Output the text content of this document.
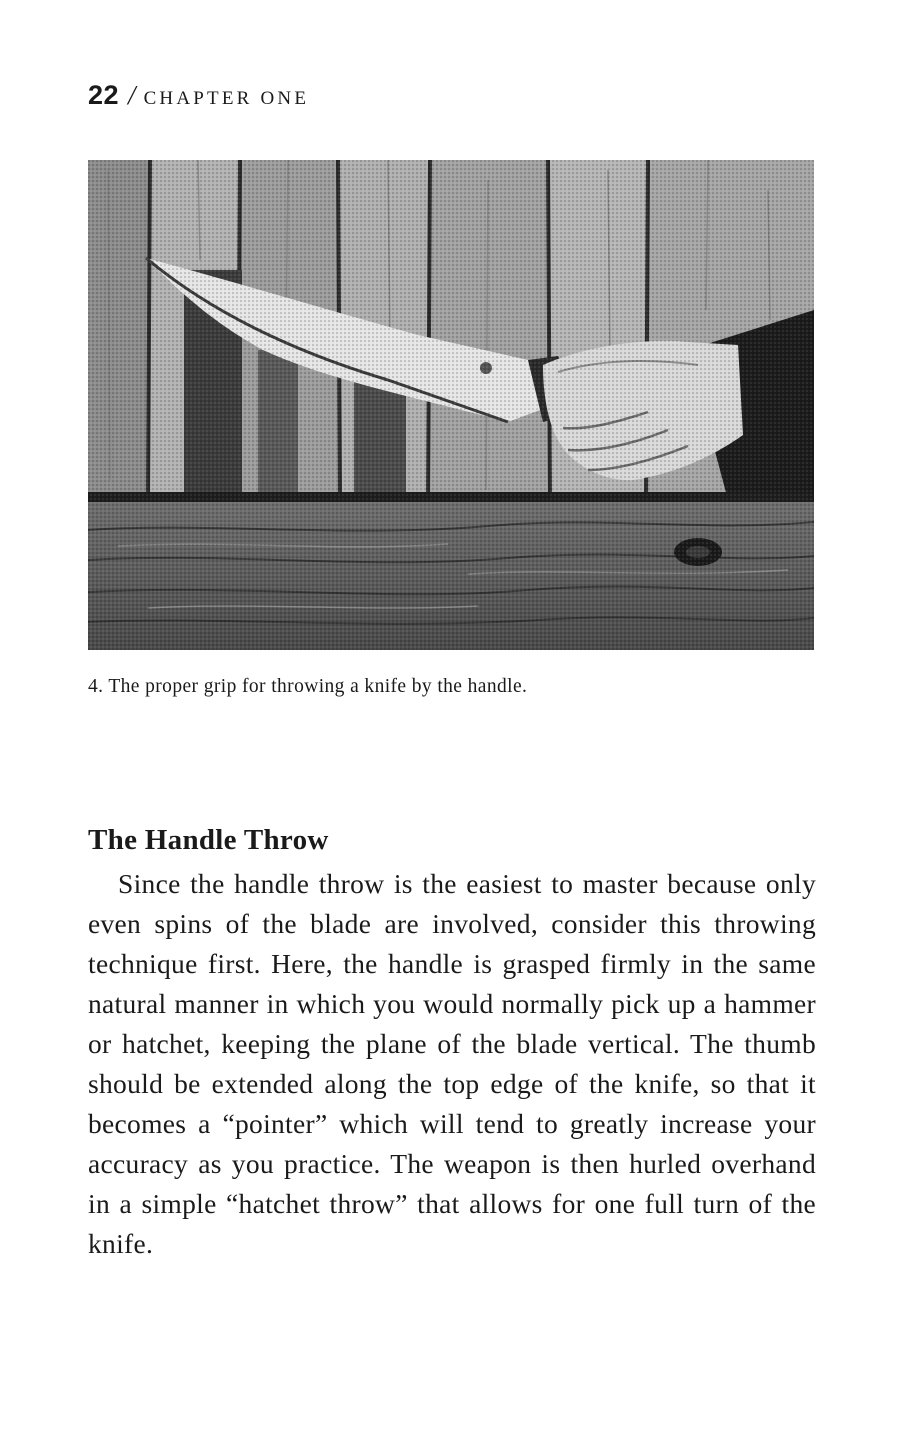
22 / CHAPTER ONE
4. The proper grip for throwing a knife by the handle.
The Handle Throw

Since the handle throw is the easiest to master because only even spins of the blade are involved, consider this throwing technique first. Here, the handle is grasped firmly in the same natural manner in which you would normally pick up a hammer or hatchet, keeping the plane of the blade vertical. The thumb should be extended along the top edge of the knife, so that it becomes a “pointer” which will tend to greatly increase your accuracy as you practice. The weapon is then hurled overhand in a simple “hatchet throw” that allows for one full turn of the knife.
